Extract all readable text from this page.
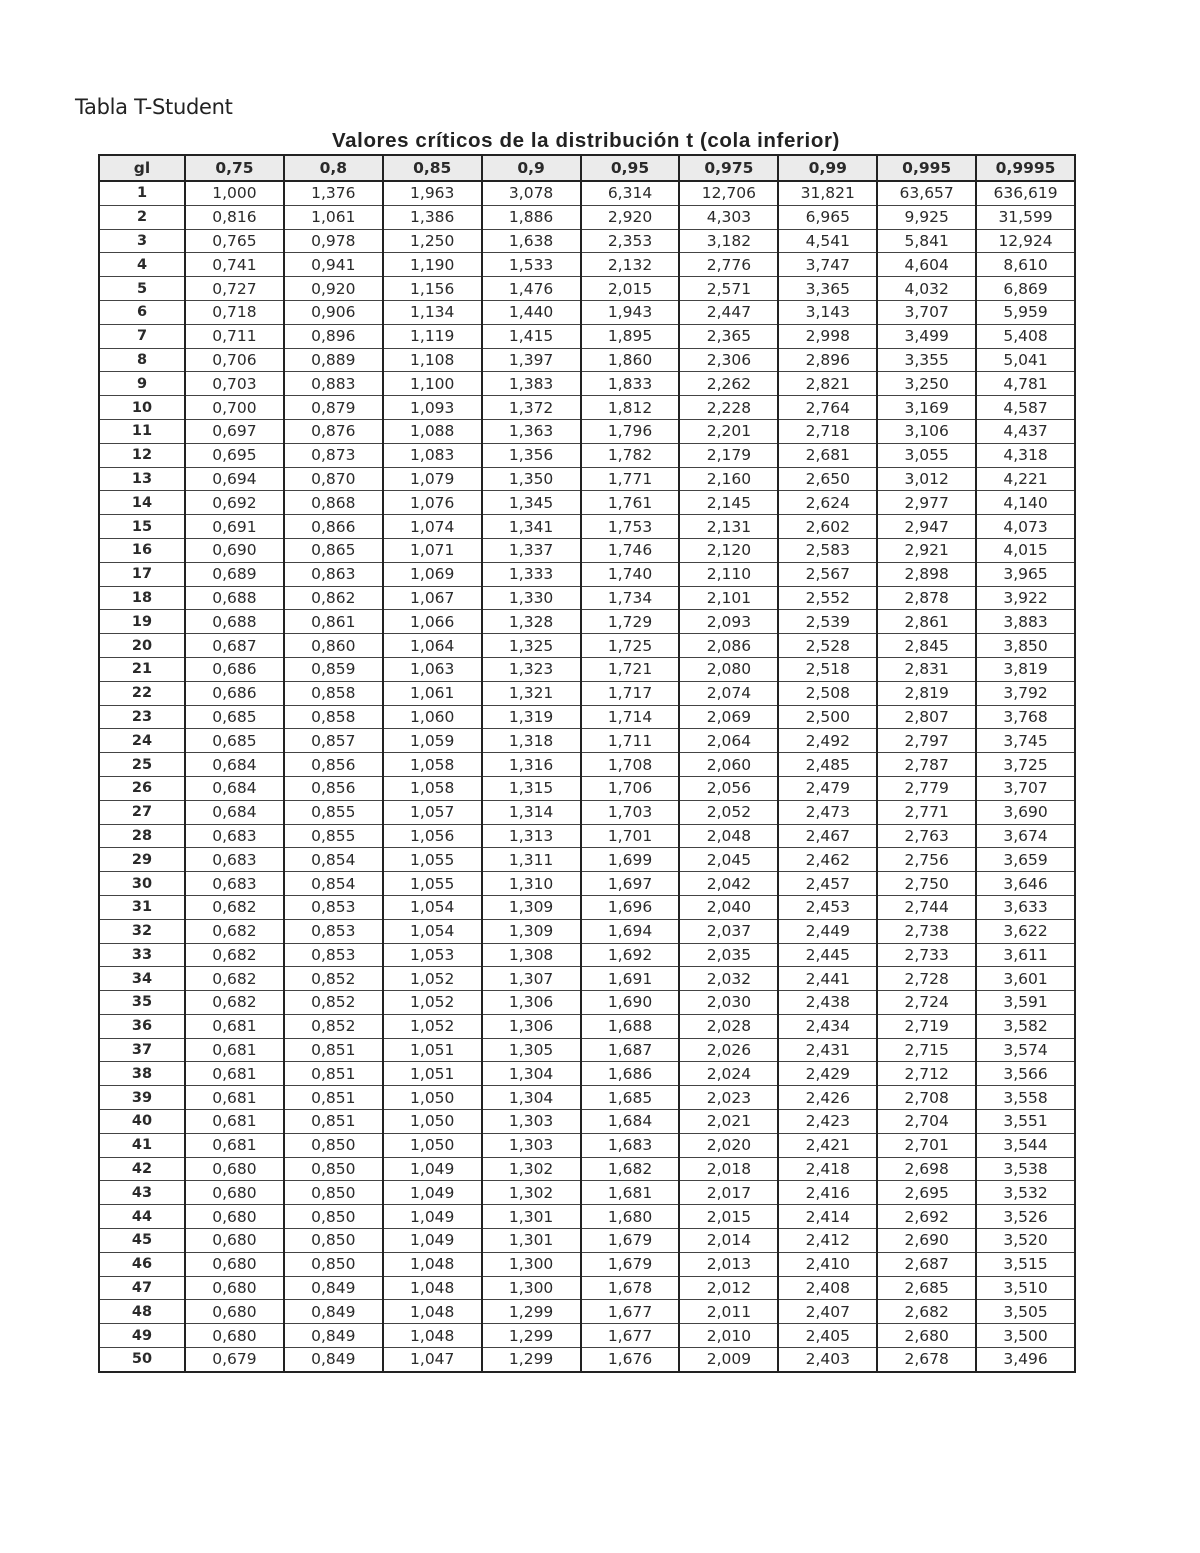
Tabla T-Student
Valores críticos de la distribución t (cola inferior)
gl	0,75	0,8	0,85	0,9	0,95	0,975	0,99	0,995	0,9995
1	1,000	1,376	1,963	3,078	6,314	12,706	31,821	63,657	636,619
2	0,816	1,061	1,386	1,886	2,920	4,303	6,965	9,925	31,599
3	0,765	0,978	1,250	1,638	2,353	3,182	4,541	5,841	12,924
4	0,741	0,941	1,190	1,533	2,132	2,776	3,747	4,604	8,610
5	0,727	0,920	1,156	1,476	2,015	2,571	3,365	4,032	6,869
6	0,718	0,906	1,134	1,440	1,943	2,447	3,143	3,707	5,959
7	0,711	0,896	1,119	1,415	1,895	2,365	2,998	3,499	5,408
8	0,706	0,889	1,108	1,397	1,860	2,306	2,896	3,355	5,041
9	0,703	0,883	1,100	1,383	1,833	2,262	2,821	3,250	4,781
10	0,700	0,879	1,093	1,372	1,812	2,228	2,764	3,169	4,587
11	0,697	0,876	1,088	1,363	1,796	2,201	2,718	3,106	4,437
12	0,695	0,873	1,083	1,356	1,782	2,179	2,681	3,055	4,318
13	0,694	0,870	1,079	1,350	1,771	2,160	2,650	3,012	4,221
14	0,692	0,868	1,076	1,345	1,761	2,145	2,624	2,977	4,140
15	0,691	0,866	1,074	1,341	1,753	2,131	2,602	2,947	4,073
16	0,690	0,865	1,071	1,337	1,746	2,120	2,583	2,921	4,015
17	0,689	0,863	1,069	1,333	1,740	2,110	2,567	2,898	3,965
18	0,688	0,862	1,067	1,330	1,734	2,101	2,552	2,878	3,922
19	0,688	0,861	1,066	1,328	1,729	2,093	2,539	2,861	3,883
20	0,687	0,860	1,064	1,325	1,725	2,086	2,528	2,845	3,850
21	0,686	0,859	1,063	1,323	1,721	2,080	2,518	2,831	3,819
22	0,686	0,858	1,061	1,321	1,717	2,074	2,508	2,819	3,792
23	0,685	0,858	1,060	1,319	1,714	2,069	2,500	2,807	3,768
24	0,685	0,857	1,059	1,318	1,711	2,064	2,492	2,797	3,745
25	0,684	0,856	1,058	1,316	1,708	2,060	2,485	2,787	3,725
26	0,684	0,856	1,058	1,315	1,706	2,056	2,479	2,779	3,707
27	0,684	0,855	1,057	1,314	1,703	2,052	2,473	2,771	3,690
28	0,683	0,855	1,056	1,313	1,701	2,048	2,467	2,763	3,674
29	0,683	0,854	1,055	1,311	1,699	2,045	2,462	2,756	3,659
30	0,683	0,854	1,055	1,310	1,697	2,042	2,457	2,750	3,646
31	0,682	0,853	1,054	1,309	1,696	2,040	2,453	2,744	3,633
32	0,682	0,853	1,054	1,309	1,694	2,037	2,449	2,738	3,622
33	0,682	0,853	1,053	1,308	1,692	2,035	2,445	2,733	3,611
34	0,682	0,852	1,052	1,307	1,691	2,032	2,441	2,728	3,601
35	0,682	0,852	1,052	1,306	1,690	2,030	2,438	2,724	3,591
36	0,681	0,852	1,052	1,306	1,688	2,028	2,434	2,719	3,582
37	0,681	0,851	1,051	1,305	1,687	2,026	2,431	2,715	3,574
38	0,681	0,851	1,051	1,304	1,686	2,024	2,429	2,712	3,566
39	0,681	0,851	1,050	1,304	1,685	2,023	2,426	2,708	3,558
40	0,681	0,851	1,050	1,303	1,684	2,021	2,423	2,704	3,551
41	0,681	0,850	1,050	1,303	1,683	2,020	2,421	2,701	3,544
42	0,680	0,850	1,049	1,302	1,682	2,018	2,418	2,698	3,538
43	0,680	0,850	1,049	1,302	1,681	2,017	2,416	2,695	3,532
44	0,680	0,850	1,049	1,301	1,680	2,015	2,414	2,692	3,526
45	0,680	0,850	1,049	1,301	1,679	2,014	2,412	2,690	3,520
46	0,680	0,850	1,048	1,300	1,679	2,013	2,410	2,687	3,515
47	0,680	0,849	1,048	1,300	1,678	2,012	2,408	2,685	3,510
48	0,680	0,849	1,048	1,299	1,677	2,011	2,407	2,682	3,505
49	0,680	0,849	1,048	1,299	1,677	2,010	2,405	2,680	3,500
50	0,679	0,849	1,047	1,299	1,676	2,009	2,403	2,678	3,496
